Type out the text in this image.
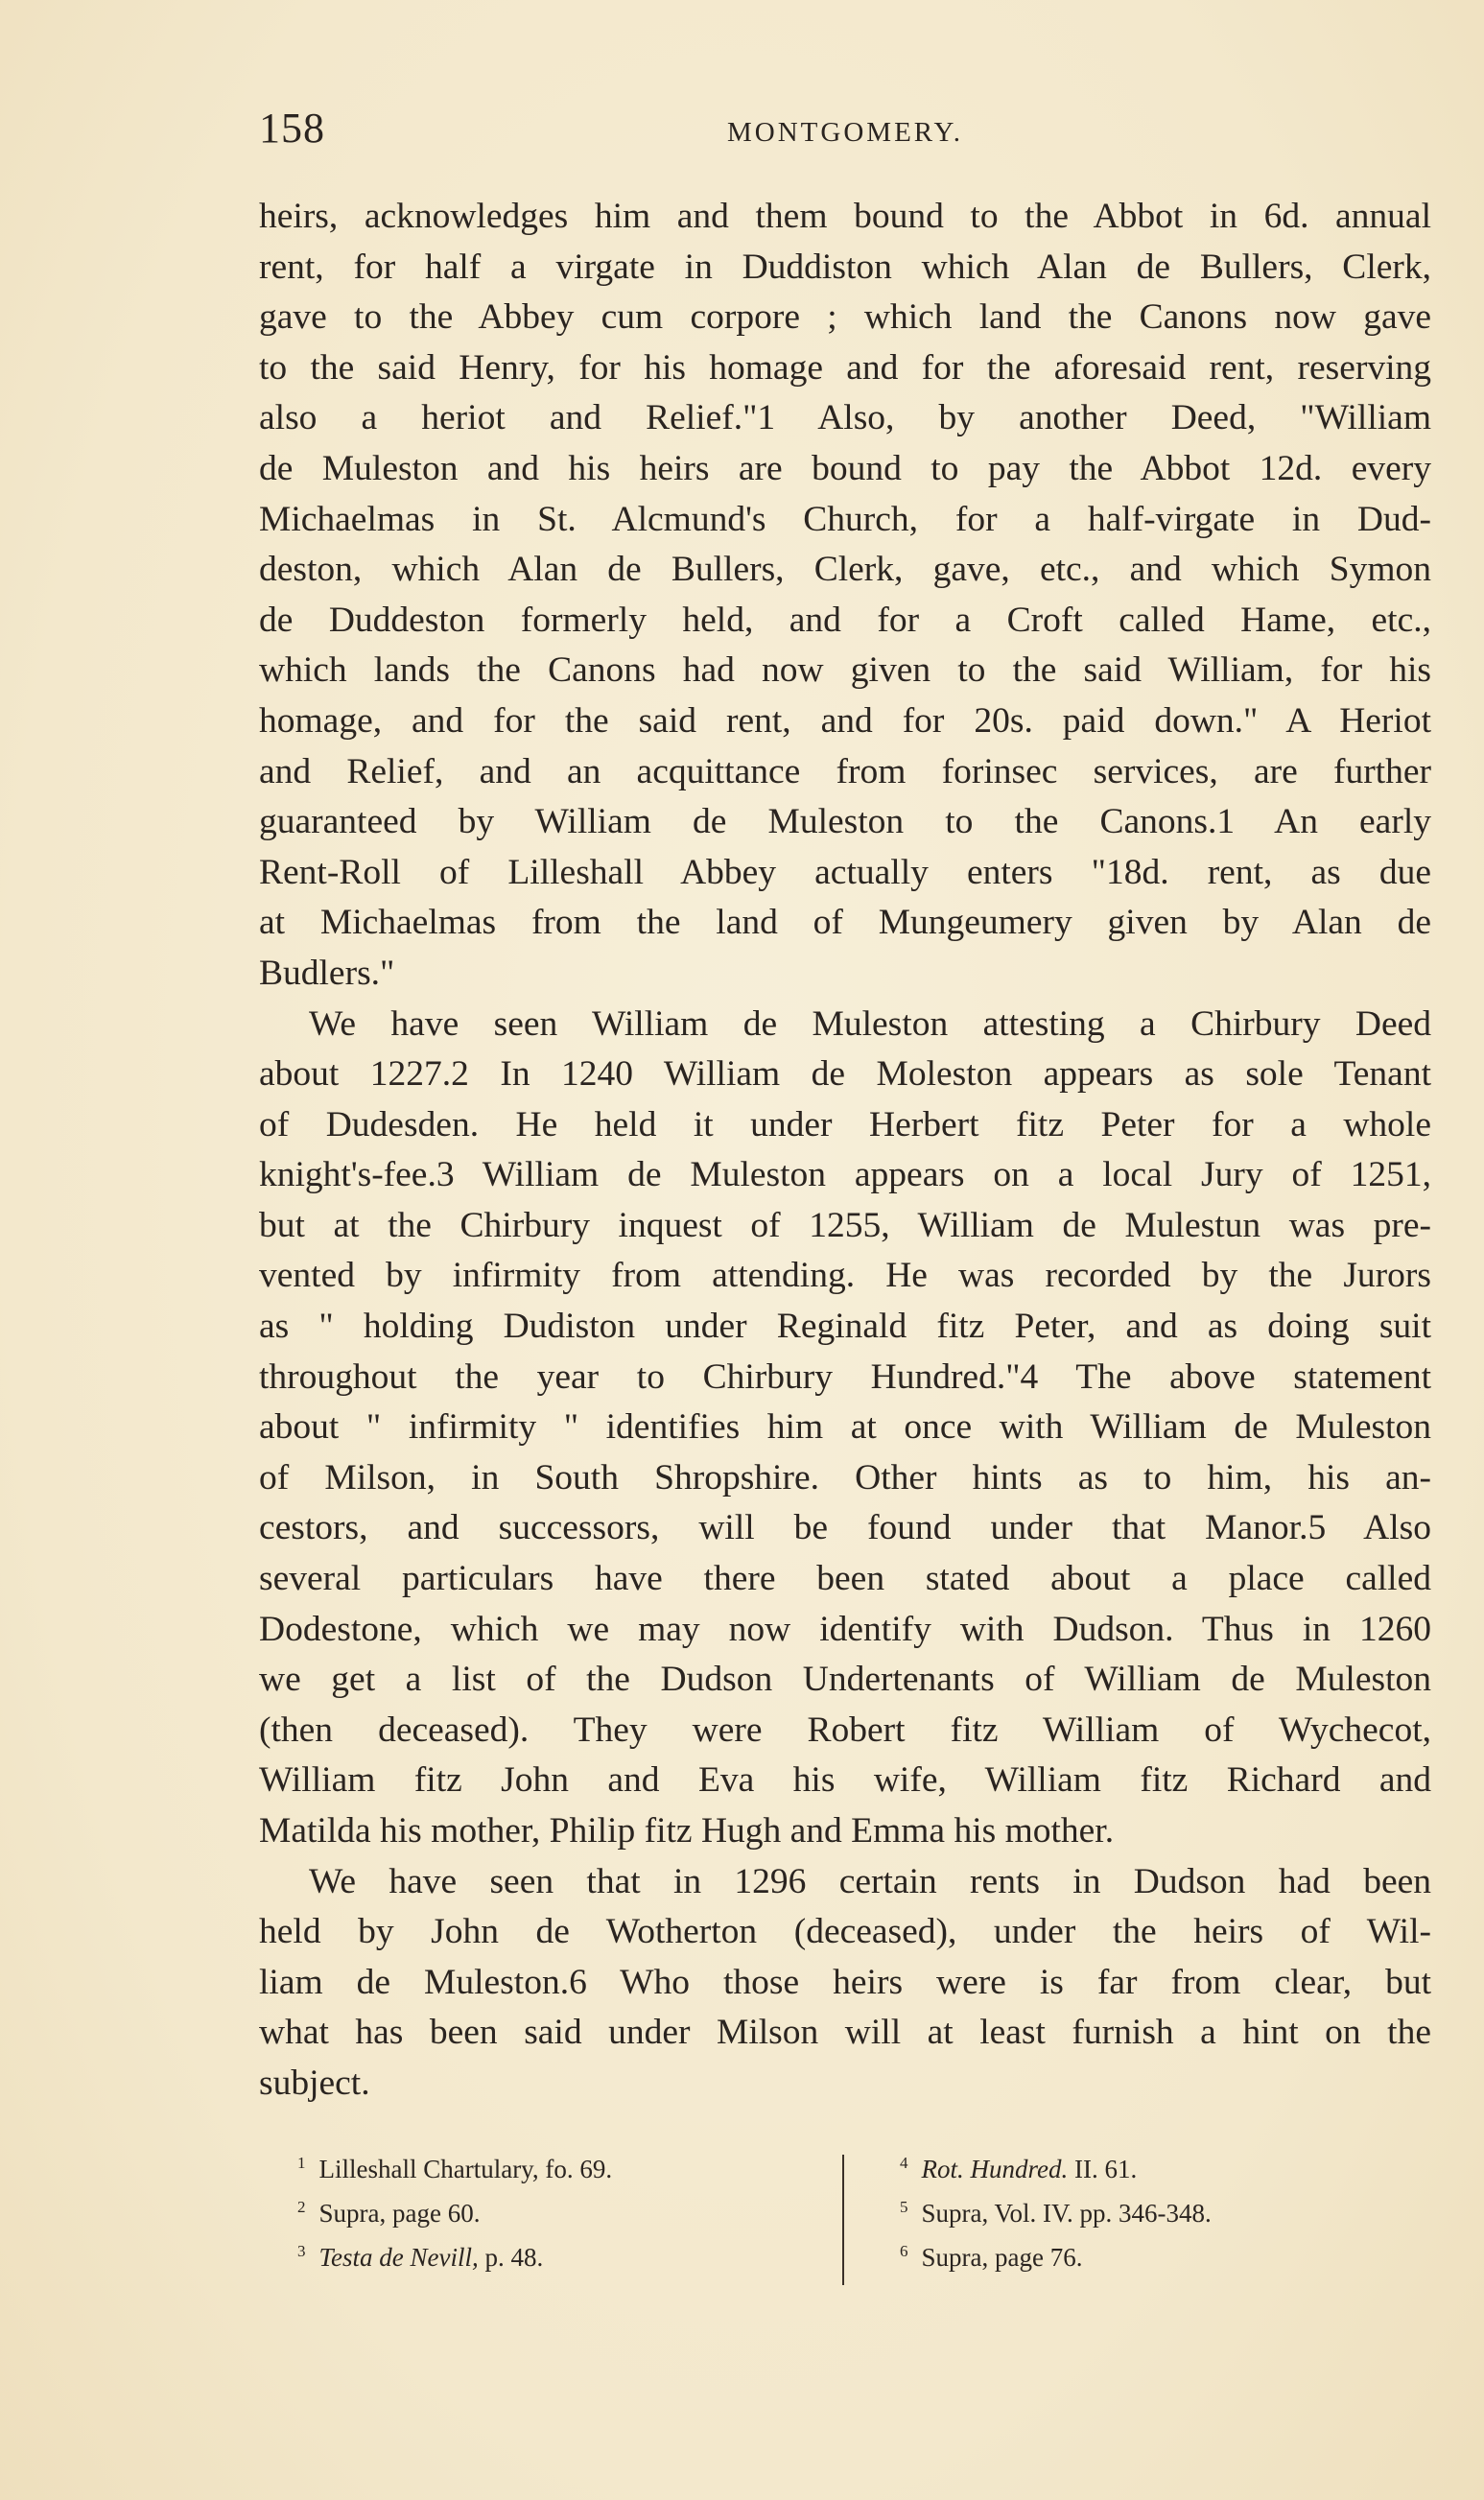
158	MONTGOMERY.
heirs, acknowledges him and them bound to the Abbot in 6d. annual
rent, for half a virgate in Duddiston which Alan de Bullers, Clerk,
gave to the Abbey cum corpore ; which land the Canons now gave
to the said Henry, for his homage and for the aforesaid rent, reserving
also a heriot and Relief."1 Also, by another Deed, "William
de Muleston and his heirs are bound to pay the Abbot 12d. every
Michaelmas in St. Alcmund's Church, for a half-virgate in Dud-
deston, which Alan de Bullers, Clerk, gave, etc., and which Symon
de Duddeston formerly held, and for a Croft called Hame, etc.,
which lands the Canons had now given to the said William, for his
homage, and for the said rent, and for 20s. paid down." A Heriot
and Relief, and an acquittance from forinsec services, are further
guaranteed by William de Muleston to the Canons.1 An early
Rent-Roll of Lilleshall Abbey actually enters "18d. rent, as due
at Michaelmas from the land of Mungeumery given by Alan de
Budlers."
We have seen William de Muleston attesting a Chirbury Deed
about 1227.2 In 1240 William de Moleston appears as sole Tenant
of Dudesden. He held it under Herbert fitz Peter for a whole
knight's-fee.3 William de Muleston appears on a local Jury of 1251,
but at the Chirbury inquest of 1255, William de Mulestun was pre-
vented by infirmity from attending. He was recorded by the Jurors
as " holding Dudiston under Reginald fitz Peter, and as doing suit
throughout the year to Chirbury Hundred."4 The above statement
about " infirmity " identifies him at once with William de Muleston
of Milson, in South Shropshire. Other hints as to him, his an-
cestors, and successors, will be found under that Manor.5 Also
several particulars have there been stated about a place called
Dodestone, which we may now identify with Dudson. Thus in 1260
we get a list of the Dudson Undertenants of William de Muleston
(then deceased). They were Robert fitz William of Wychecot,
William fitz John and Eva his wife, William fitz Richard and
Matilda his mother, Philip fitz Hugh and Emma his mother.
We have seen that in 1296 certain rents in Dudson had been
held by John de Wotherton (deceased), under the heirs of Wil-
liam de Muleston.6 Who those heirs were is far from clear, but
what has been said under Milson will at least furnish a hint on the
subject.
$^1$ Lilleshall Chartulary, fo. 69.
$^2$ Supra, page 60.
$^3$ Testa de Nevill, p. 48.
$^4$ Rot. Hundred. II. 61.
$^5$ Supra, Vol. IV. pp. 346-348.
$^6$ Supra, page 76.
